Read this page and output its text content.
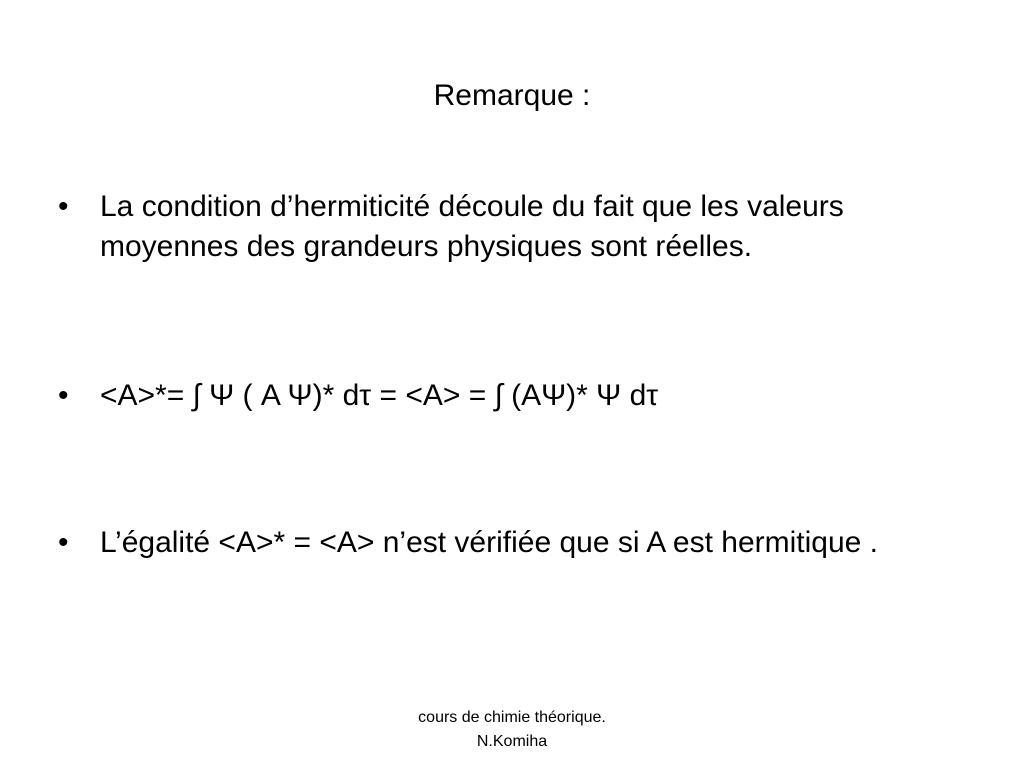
Remarque :
•	La condition d’hermiticité découle du fait que les valeurs moyennes des grandeurs physiques sont réelles.
•	<A>*= ∫ Ψ ( A Ψ)* dτ = <A> = ∫ (AΨ)* Ψ dτ
•	L’égalité <A>* = <A> n’est vérifiée que si A est hermitique .
cours de chimie théorique.
N.Komiha
